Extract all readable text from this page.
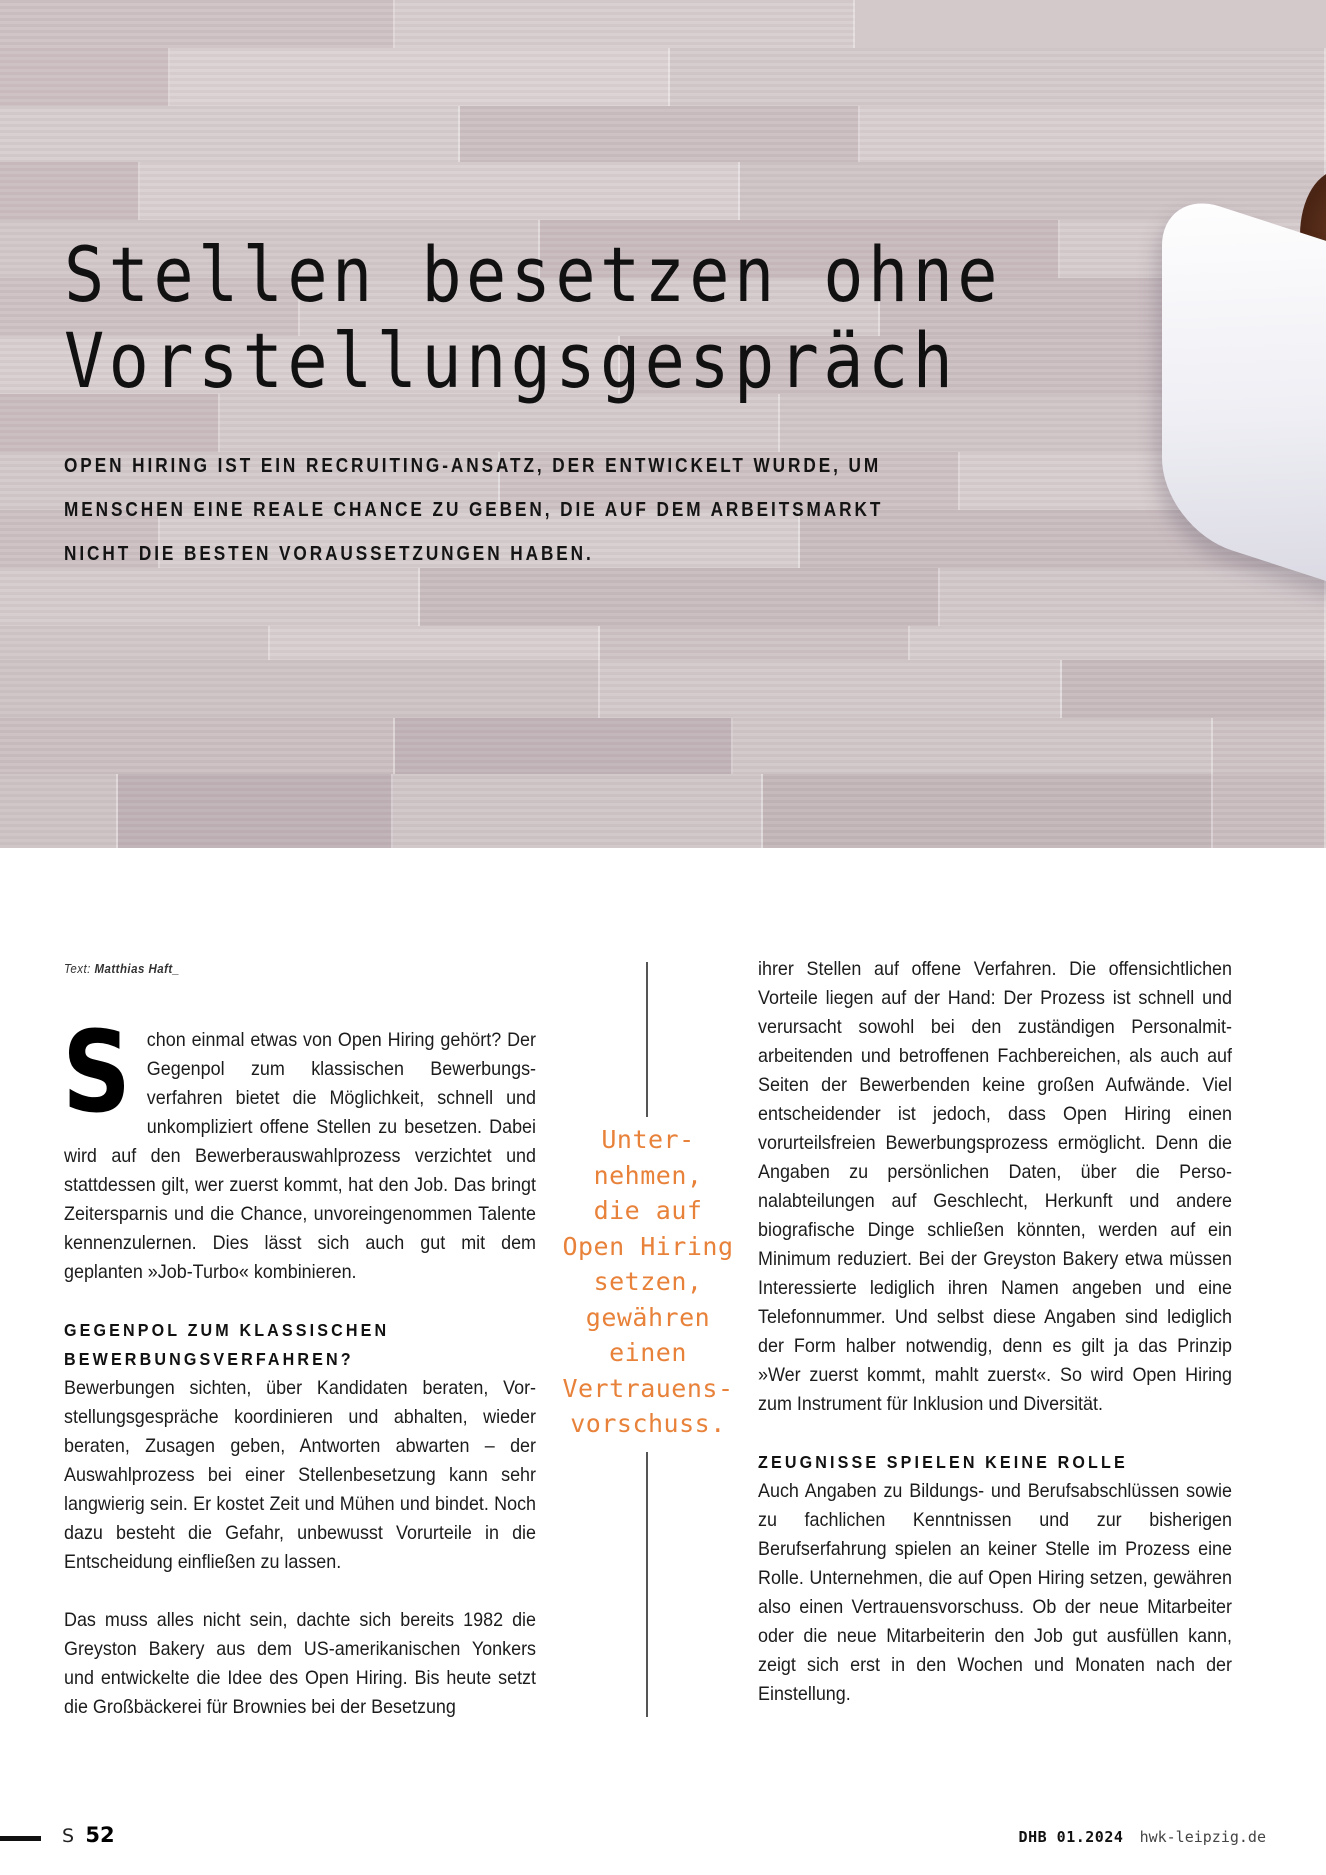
Stellen besetzen ohne
Vorstellungsgespräch
OPEN HIRING IST EIN RECRUITING-ANSATZ, DER ENTWICKELT WURDE, UM
MENSCHEN EINE REALE CHANCE ZU GEBEN, DIE AUF DEM ARBEITSMARKT
NICHT DIE BESTEN VORAUSSETZUNGEN HABEN.
Text: Matthias Haft_
S chon einmal etwas von Open Hiring gehört? Der Gegenpol zum klassischen Bewerbungsverfahren bietet die Möglichkeit, schnell und unkompliziert offene Stellen zu besetzen. Dabei wird auf den Bewerberauswahlprozess verzichtet und stattdessen gilt, wer zuerst kommt, hat den Job. Das bringt Zeitersparnis und die Chance, unvoreingenommen Talente kennenzulernen. Dies lässt sich auch gut mit dem geplanten »Job-Turbo« kombinieren.

GEGENPOL ZUM KLASSISCHEN BEWERBUNGSVERFAHREN?

Bewerbungen sichten, über Kandidaten beraten, Vorstellungsgespräche koordinieren und abhalten, wieder beraten, Zusagen geben, Antworten abwarten – der Auswahlprozess bei einer Stellenbesetzung kann sehr langwierig sein. Er kostet Zeit und Mühen und bindet. Noch dazu besteht die Gefahr, unbewusst Vorurteile in die Entscheidung einfließen zu lassen.

Das muss alles nicht sein, dachte sich bereits 1982 die Greyston Bakery aus dem US-amerikanischen Yonkers und entwickelte die Idee des Open Hiring. Bis heute setzt die Großbäckerei für Brownies bei der Besetzung

Unter-
nehmen,
die auf
Open Hiring
setzen,
gewähren
einen
Vertrauens-
vorschuss.

ihrer Stellen auf offene Verfahren. Die offensichtlichen Vorteile liegen auf der Hand: Der Prozess ist schnell und verursacht sowohl bei den zuständigen Personalmitarbeitenden und betroffenen Fachbereichen, als auch auf Seiten der Bewerbenden keine großen Aufwände. Viel entscheidender ist jedoch, dass Open Hiring einen vorurteilsfreien Bewerbungsprozess ermöglicht. Denn die Angaben zu persönlichen Daten, über die Personalabteilungen auf Geschlecht, Herkunft und andere biografische Dinge schließen könnten, werden auf ein Minimum reduziert. Bei der Greyston Bakery etwa müssen Interessierte lediglich ihren Namen angeben und eine Telefonnummer. Und selbst diese Angaben sind lediglich der Form halber notwendig, denn es gilt ja das Prinzip »Wer zuerst kommt, mahlt zuerst«. So wird Open Hiring zum Instrument für Inklusion und Diversität.

ZEUGNISSE SPIELEN KEINE ROLLE

Auch Angaben zu Bildungs- und Berufsabschlüssen sowie zu fachlichen Kenntnissen und zur bisherigen Berufserfahrung spielen an keiner Stelle im Prozess eine Rolle. Unternehmen, die auf Open Hiring setzen, gewähren also einen Vertrauensvorschuss. Ob der neue Mitarbeiter oder die neue Mitarbeiterin den Job gut ausfüllen kann, zeigt sich erst in den Wochen und Monaten nach der Einstellung.

S 52	DHB 01.2024 hwk-leipzig.de
